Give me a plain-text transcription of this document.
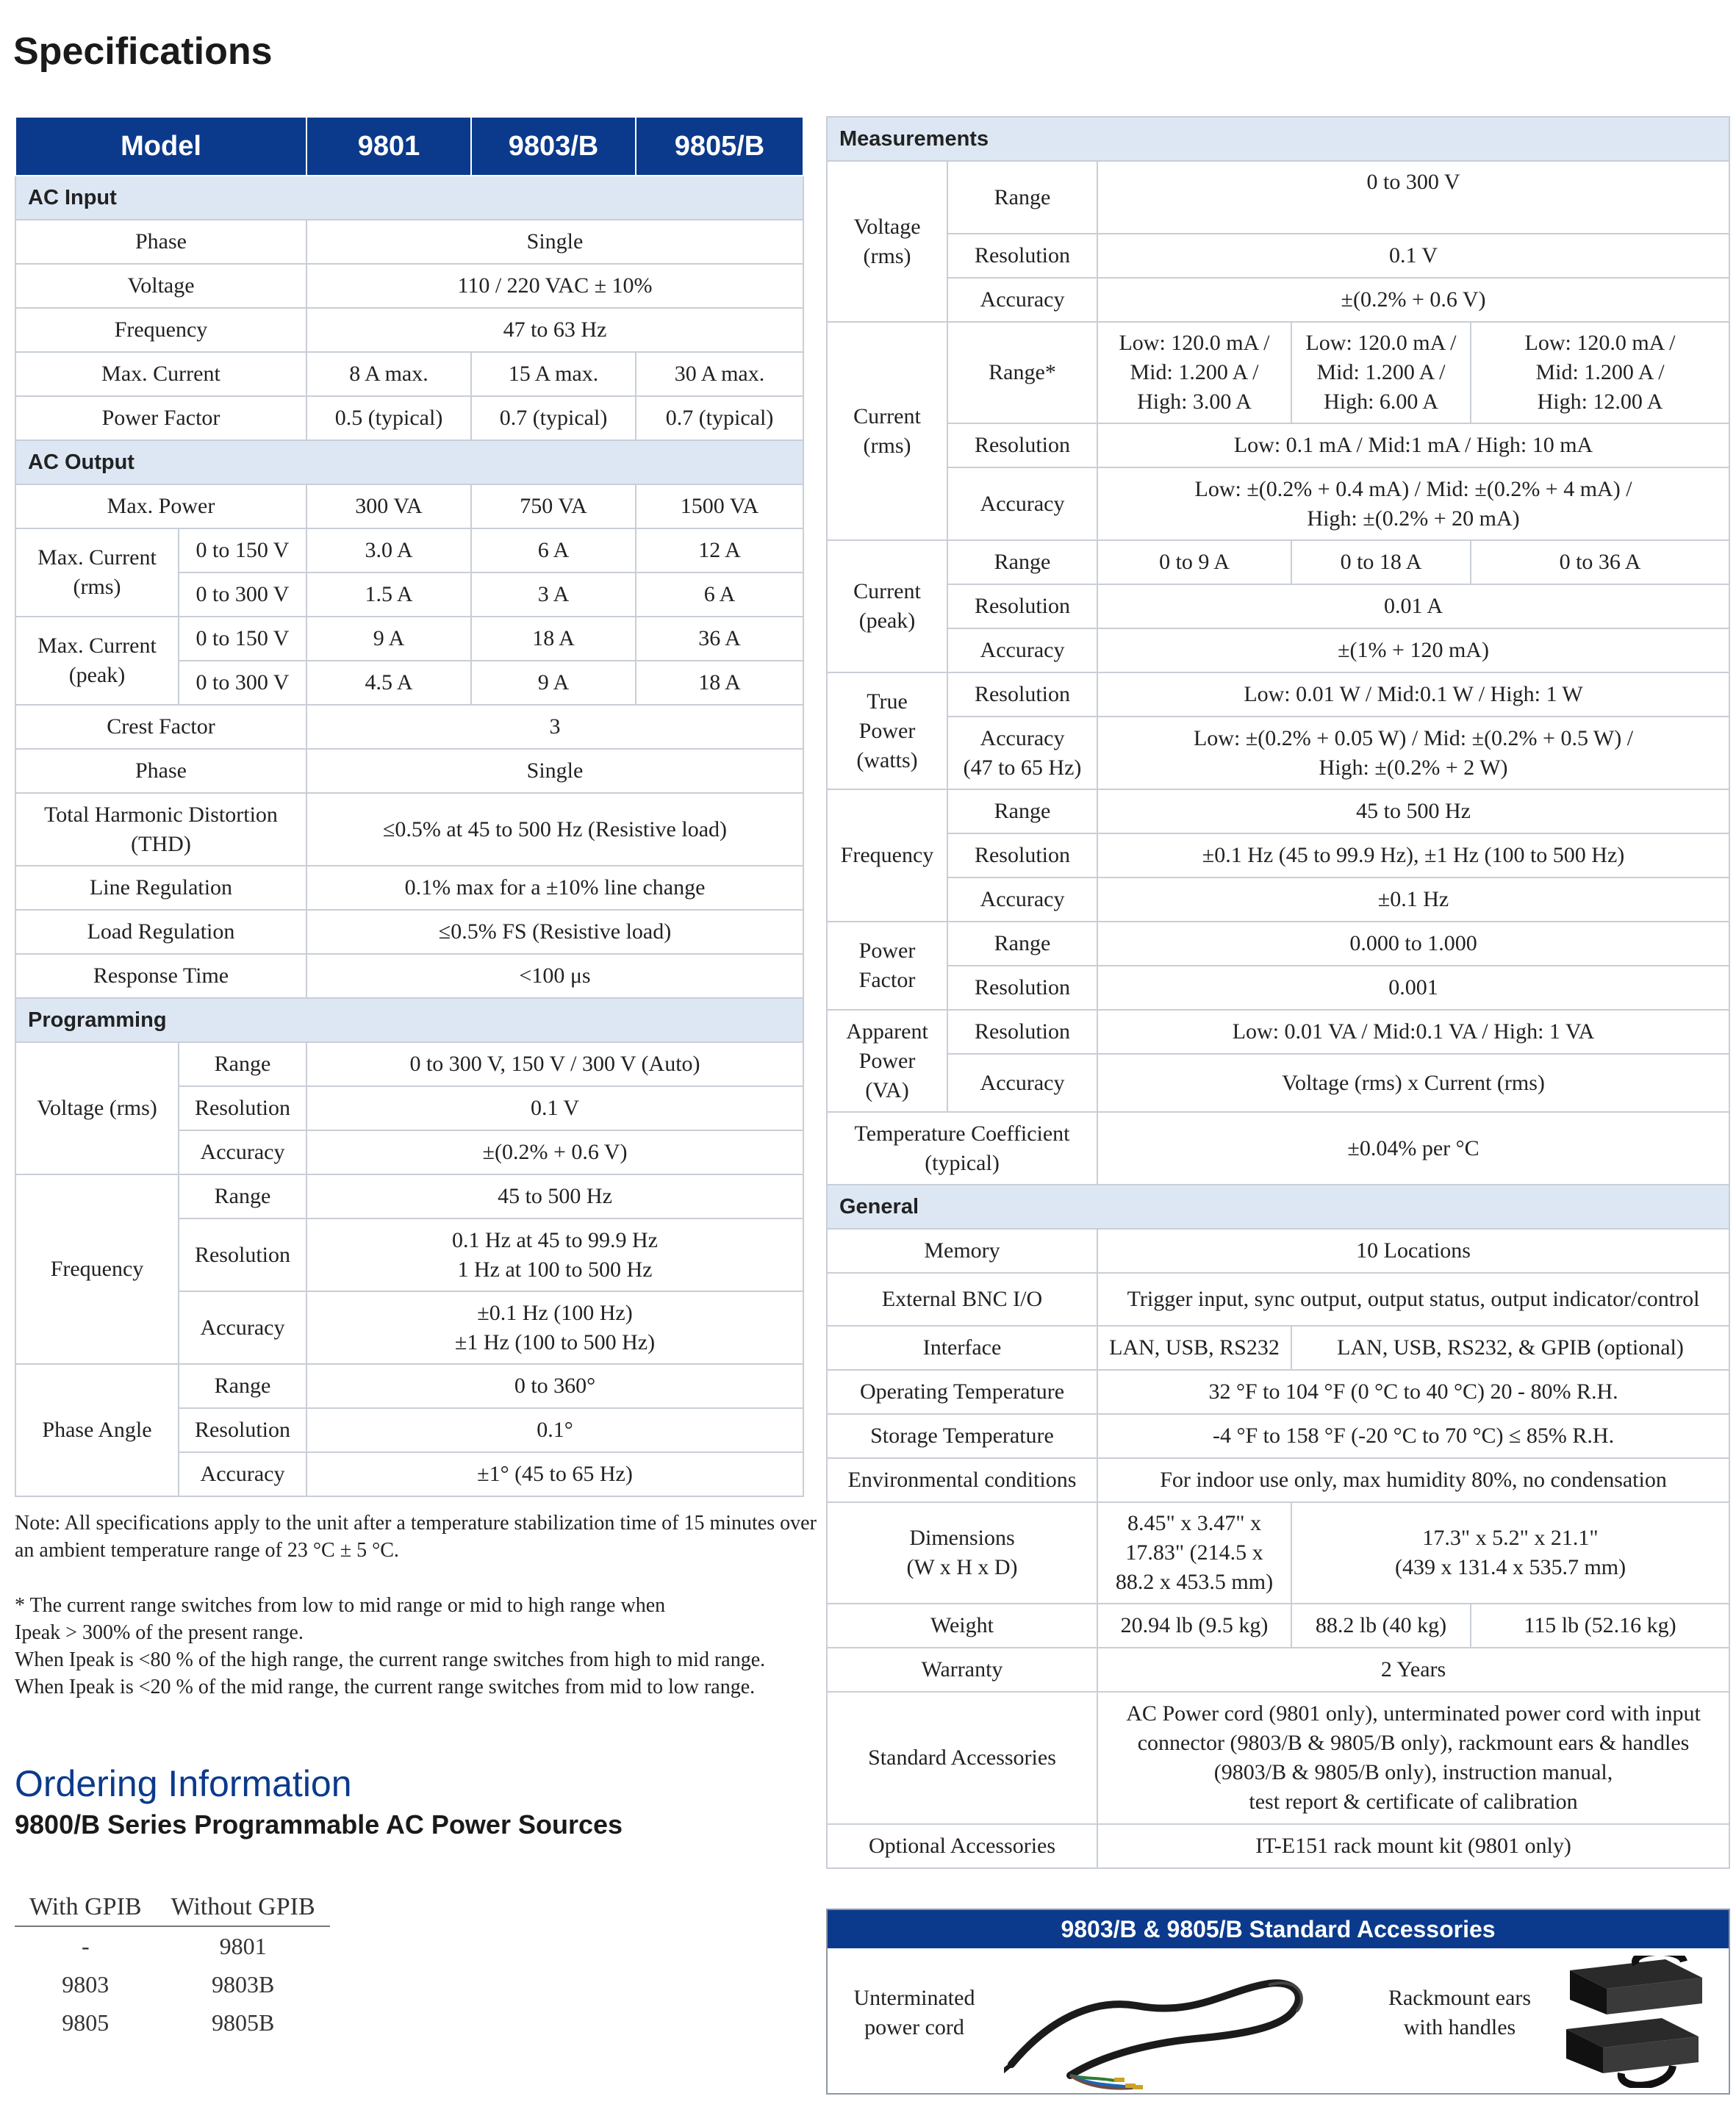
Specifications
Model		9801	9803/B	9805/B
AC Input				
Phase		Single		
Voltage		110 / 220 VAC ± 10%		
Frequency		47 to 63 Hz		
Max. Current		8 A max.	15 A max.	30 A max.
Power Factor		0.5 (typical)	0.7 (typical)	0.7 (typical)
AC Output				
Max. Power		300 VA	750 VA	1500 VA
Max. Current (rms)	0 to 150 V	3.0 A	6 A	12 A
	0 to 300 V	1.5 A	3 A	6 A
Max. Current (peak)	0 to 150 V	9 A	18 A	36 A
	0 to 300 V	4.5 A	9 A	18 A
Crest Factor		3		
Phase		Single		
Total Harmonic Distortion (THD)		≤0.5% at 45 to 500 Hz (Resistive load)		
Line Regulation		0.1% max for a ±10% line change		
Load Regulation		≤0.5% FS (Resistive load)		
Response Time		<100 μs		
Programming				
Voltage (rms)	Range	0 to 300 V, 150 V / 300 V (Auto)		
	Resolution	0.1 V		
	Accuracy	±(0.2% + 0.6 V)		
Frequency	Range	45 to 500 Hz		
	Resolution	0.1 Hz at 45 to 99.9 Hz
1 Hz at 100 to 500 Hz		
	Accuracy	±0.1 Hz (100 Hz)
±1 Hz (100 to 500 Hz)		
Phase Angle	Range	0 to 360°		
	Resolution	0.1°		
	Accuracy	±1° (45 to 65 Hz)		

Note: All specifications apply to the unit after a temperature stabilization time of 15 minutes over an ambient temperature range of 23 °C ± 5 °C.

* The current range switches from low to mid range or mid to high range when

Ipeak > 300% of the present range.

When Ipeak is <80 % of the high range, the current range switches from high to mid range.

When Ipeak is <20 % of the mid range, the current range switches from mid to low range.

Ordering Information
9800/B Series Programmable AC Power Sources
With GPIB	Without GPIB
-	9801
9803	9803B
9805	9805B
Measurements				
Voltage
(rms)	Range	0 to 300 V		
	Resolution	0.1 V		
	Accuracy	±(0.2% + 0.6 V)		
Current
(rms)	Range*	Low: 120.0 mA /
Mid: 1.200 A /
High: 3.00 A	Low: 120.0 mA /
Mid: 1.200 A /
High: 6.00 A	Low: 120.0 mA /
Mid: 1.200 A /
High: 12.00 A
	Resolution	Low: 0.1 mA / Mid:1 mA / High: 10 mA		
	Accuracy	Low: ±(0.2% + 0.4 mA) / Mid: ±(0.2% + 4 mA) /
High: ±(0.2% + 20 mA)		
Current
(peak)	Range	0 to 9 A	0 to 18 A	0 to 36 A
	Resolution	0.01 A		
	Accuracy	±(1% + 120 mA)		
True
Power
(watts)	Resolution	Low: 0.01 W / Mid:0.1 W / High: 1 W		
	Accuracy
(47 to 65 Hz)	Low: ±(0.2% + 0.05 W) / Mid: ±(0.2% + 0.5 W) /
High: ±(0.2% + 2 W)		
Frequency	Range	45 to 500 Hz		
	Resolution	±0.1 Hz (45 to 99.9 Hz), ±1 Hz (100 to 500 Hz)		
	Accuracy	±0.1 Hz		
Power
Factor	Range	0.000 to 1.000		
	Resolution	0.001		
Apparent
Power
(VA)	Resolution	Low: 0.01 VA / Mid:0.1 VA / High: 1 VA		
	Accuracy	Voltage (rms) x Current (rms)		
Temperature Coefficient
(typical)		±0.04% per °C		
General				
Memory		10 Locations		
External BNC I/O		Trigger input, sync output, output status, output indicator/control		
Interface		LAN, USB, RS232	LAN, USB, RS232, & GPIB (optional)	
Operating Temperature		32 °F to 104 °F (0 °C to 40 °C) 20 - 80% R.H.		
Storage Temperature		-4 °F to 158 °F (-20 °C to 70 °C) ≤ 85% R.H.		
Environmental conditions		For indoor use only, max humidity 80%, no condensation		
Dimensions
(W x H x D)		8.45" x 3.47" x
17.83" (214.5 x
88.2 x 453.5 mm)	17.3" x 5.2" x 21.1"
(439 x 131.4 x 535.7 mm)	
Weight		20.94 lb (9.5 kg)	88.2 lb (40 kg)	115 lb (52.16 kg)
Warranty		2 Years		
Standard Accessories		AC Power cord (9801 only), unterminated power cord with input
connector (9803/B & 9805/B only), rackmount ears & handles
(9803/B & 9805/B only), instruction manual,
test report & certificate of calibration		
Optional Accessories		IT-E151 rack mount kit (9801 only)		
9803/B & 9805/B Standard Accessories
Unterminated
power cord
Rackmount ears
with handles
